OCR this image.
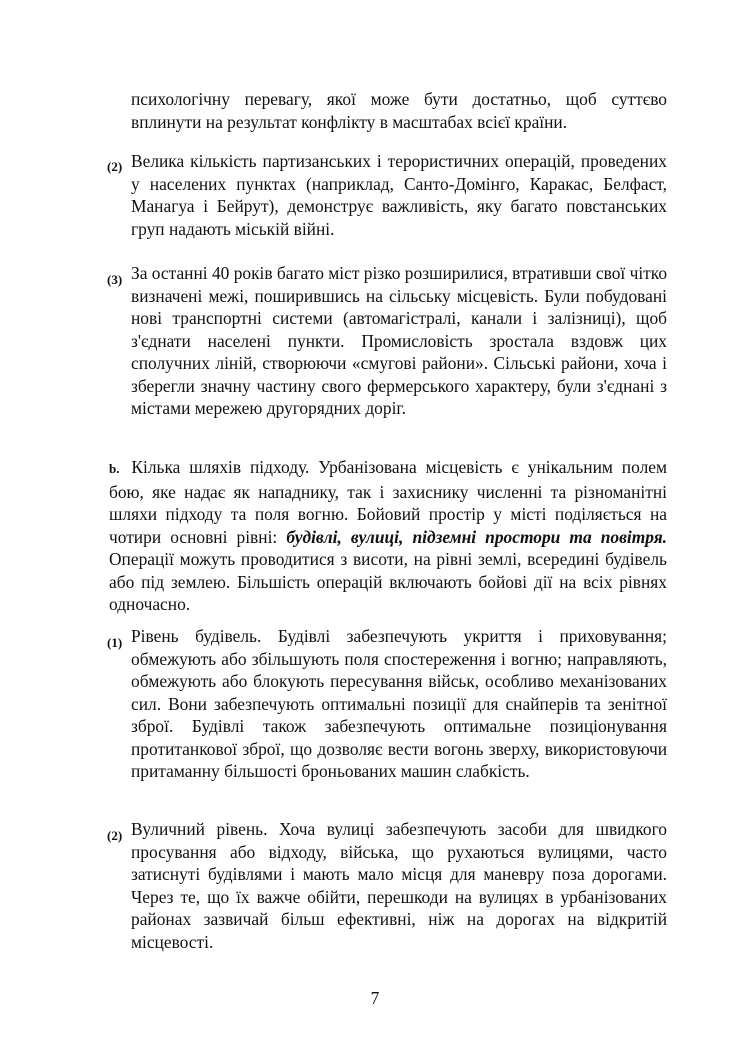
психологічну перевагу, якої може бути достатньо, щоб суттєво вплинути на результат конфлікту в масштабах всієї країни.

(2) Велика кількість партизанських і терористичних операцій, проведених у населених пунктах (наприклад, Санто-Домінго, Каракас, Белфаст, Манагуа і Бейрут), демонструє важливість, яку багато повстанських груп надають міській війні.

(3) За останні 40 років багато міст різко розширилися, втративши свої чітко визначені межі, поширившись на сільську місцевість. Були побудовані нові транспортні системи (автомагістралі, канали і залізниці), щоб з'єднати населені пункти. Промисловість зростала вздовж цих сполучних ліній, створюючи «смугові райони». Сільські райони, хоча і зберегли значну частину свого фермерського характеру, були з'єднані з містами мережею другорядних доріг.

b. Кілька шляхів підходу. Урбанізована місцевість є унікальним полем бою, яке надає як нападнику, так і захиснику численні та різноманітні шляхи підходу та поля вогню. Бойовий простір у місті поділяється на чотири основні рівні: будівлі, вулиці, підземні простори та повітря. Операції можуть проводитися з висоти, на рівні землі, всередині будівель або під землею. Більшість операцій включають бойові дії на всіх рівнях одночасно.

(1) Рівень будівель. Будівлі забезпечують укриття і приховування; обмежують або збільшують поля спостереження і вогню; направляють, обмежують або блокують пересування військ, особливо механізованих сил. Вони забезпечують оптимальні позиції для снайперів та зенітної зброї. Будівлі також забезпечують оптимальне позиціонування протитанкової зброї, що дозволяє вести вогонь зверху, використовуючи притаманну більшості броньованих машин слабкість.

(2) Вуличний рівень. Хоча вулиці забезпечують засоби для швидкого просування або відходу, війська, що рухаються вулицями, часто затиснуті будівлями і мають мало місця для маневру поза дорогами. Через те, що їх важче обійти, перешкоди на вулицях в урбанізованих районах зазвичай більш ефективні, ніж на дорогах на відкритій місцевості.

7
